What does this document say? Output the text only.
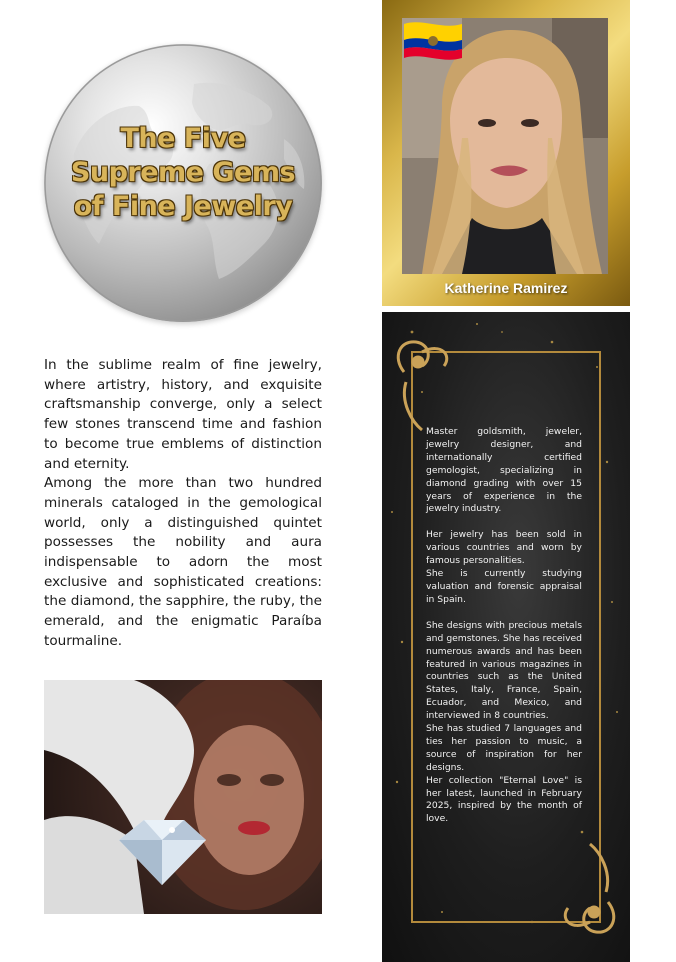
The Five
Supreme Gems
of Fine Jewelry
Katherine Ramirez

In the sublime realm of fine jewelry, where artistry, history, and exquisite craftsmanship converge, only a select few stones transcend time and fashion to become true emblems of distinction and eternity.

Among the more than two hundred minerals cataloged in the gemological world, only a distinguished quintet possesses the nobility and aura indispensable to adorn the most exclusive and sophisticated creations: the diamond, the sapphire, the ruby, the emerald, and the enigmatic Paraíba tourmaline.

Master goldsmith, jeweler, jewelry designer, and internationally certified gemologist, specializing in diamond grading with over 15 years of experience in the jewelry industry.

Her jewelry has been sold in various countries and worn by famous personalities.

She is currently studying valuation and forensic appraisal in Spain.

She designs with precious metals and gemstones. She has received numerous awards and has been featured in various magazines in countries such as the United States, Italy, France, Spain, Ecuador, and Mexico, and interviewed in 8 countries.

She has studied 7 languages and ties her passion to music, a source of inspiration for her designs.

Her collection "Eternal Love" is her latest, launched in February 2025, inspired by the month of love.
